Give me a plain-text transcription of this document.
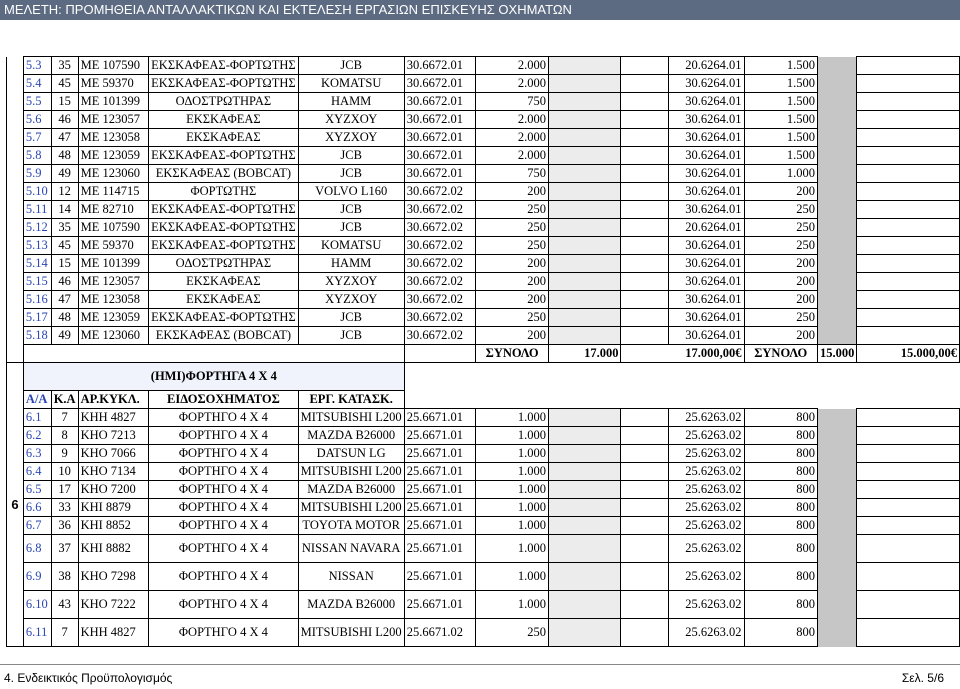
ΜΕΛΕΤΗ: ΠΡΟΜΗΘΕΙΑ ΑΝΤΑΛΛΑΚΤΙΚΩΝ ΚΑΙ ΕΚΤΕΛΕΣΗ ΕΡΓΑΣΙΩΝ ΕΠΙΣΚΕΥΗΣ ΟΧΗΜΑΤΩΝ
	5.3	35	ΜΕ 107590	ΕΚΣΚΑΦΕΑΣ-ΦΟΡΤΩΤΗΣ	JCB	30.6672.01	2.000			20.6264.01	1.500		
	5.4	45	ΜΕ 59370	ΕΚΣΚΑΦΕΑΣ-ΦΟΡΤΩΤΗΣ	KOMATSU	30.6672.01	2.000			30.6264.01	1.500		
	5.5	15	ΜΕ 101399	ΟΔΟΣΤΡΩΤΗΡΑΣ	HAMM	30.6672.01	750			30.6264.01	1.500		
	5.6	46	ΜΕ 123057	ΕΚΣΚΑΦΕΑΣ	ΧΥΖΧΟΥ	30.6672.01	2.000			30.6264.01	1.500		
	5.7	47	ΜΕ 123058	ΕΚΣΚΑΦΕΑΣ	ΧΥΖΧΟΥ	30.6672.01	2.000			30.6264.01	1.500		
	5.8	48	ΜΕ 123059	ΕΚΣΚΑΦΕΑΣ-ΦΟΡΤΩΤΗΣ	JCB	30.6672.01	2.000			30.6264.01	1.500		
	5.9	49	ΜΕ 123060	ΕΚΣΚΑΦΕΑΣ (BOBCAT)	JCB	30.6672.01	750			30.6264.01	1.000		
	5.10	12	ΜΕ 114715	ΦΟΡΤΩΤΗΣ	VOLVO L160	30.6672.02	200			30.6264.01	200		
	5.11	14	ΜΕ 82710	ΕΚΣΚΑΦΕΑΣ-ΦΟΡΤΩΤΗΣ	JCB	30.6672.02	250			30.6264.01	250		
	5.12	35	ΜΕ 107590	ΕΚΣΚΑΦΕΑΣ-ΦΟΡΤΩΤΗΣ	JCB	30.6672.02	250			20.6264.01	250		
	5.13	45	ΜΕ 59370	ΕΚΣΚΑΦΕΑΣ-ΦΟΡΤΩΤΗΣ	KOMATSU	30.6672.02	250			30.6264.01	250		
	5.14	15	ΜΕ 101399	ΟΔΟΣΤΡΩΤΗΡΑΣ	HAMM	30.6672.02	200			30.6264.01	200		
	5.15	46	ΜΕ 123057	ΕΚΣΚΑΦΕΑΣ	ΧΥΖΧΟΥ	30.6672.02	200			30.6264.01	200		
	5.16	47	ΜΕ 123058	ΕΚΣΚΑΦΕΑΣ	ΧΥΖΧΟΥ	30.6672.02	200			30.6264.01	200		
	5.17	48	ΜΕ 123059	ΕΚΣΚΑΦΕΑΣ-ΦΟΡΤΩΤΗΣ	JCB	30.6672.02	250			30.6264.01	250		
	5.18	49	ΜΕ 123060	ΕΚΣΚΑΦΕΑΣ (BOBCAT)	JCB	30.6672.02	200			30.6264.01	200		
							ΣΥΝΟΛΟ	17.000	17.000,00€		ΣΥΝΟΛΟ	15.000	15.000,00€
6	(ΗΜΙ)ΦΟΡΤΗΓΑ 4 Χ 4												
	Α/Α	Κ.Α	ΑΡ.ΚΥΚΛ.	ΕΙΔΟΣΟΧΗΜΑΤΟΣ	ΕΡΓ. ΚΑΤΑΣΚ.								
	6.1	7	ΚΗΗ 4827	ΦΟΡΤΗΓΟ 4 Χ 4	MITSUBISHI L200	25.6671.01	1.000			25.6263.02	800		
	6.2	8	ΚΗΟ 7213	ΦΟΡΤΗΓΟ 4 Χ 4	MAZDA B26000	25.6671.01	1.000			25.6263.02	800		
	6.3	9	ΚΗΟ 7066	ΦΟΡΤΗΓΟ 4 Χ 4	DATSUN LG	25.6671.01	1.000			25.6263.02	800		
	6.4	10	ΚΗΟ 7134	ΦΟΡΤΗΓΟ 4 Χ 4	MITSUBISHI L200	25.6671.01	1.000			25.6263.02	800		
	6.5	17	ΚΗΟ 7200	ΦΟΡΤΗΓΟ 4 Χ 4	MAZDA B26000	25.6671.01	1.000			25.6263.02	800		
	6.6	33	ΚΗΙ 8879	ΦΟΡΤΗΓΟ 4 Χ 4	MITSUBISHI L200	25.6671.01	1.000			25.6263.02	800		
	6.7	36	ΚΗΙ 8852	ΦΟΡΤΗΓΟ 4 Χ 4	TOYOTA MOTOR	25.6671.01	1.000			25.6263.02	800		
	6.8	37	ΚΗΙ 8882	ΦΟΡΤΗΓΟ 4 Χ 4	NISSAN NAVARA	25.6671.01	1.000			25.6263.02	800		
	6.9	38	ΚΗΟ 7298	ΦΟΡΤΗΓΟ 4 Χ 4	NISSAN	25.6671.01	1.000			25.6263.02	800		
	6.10	43	ΚΗΟ 7222	ΦΟΡΤΗΓΟ 4 Χ 4	MAZDA B26000	25.6671.01	1.000			25.6263.02	800		
	6.11	7	ΚΗΗ 4827	ΦΟΡΤΗΓΟ 4 Χ 4	MITSUBISHI L200	25.6671.02	250			25.6263.02	800		
4. Ενδεικτικός Προϋπολογισμός	Σελ. 5/6
